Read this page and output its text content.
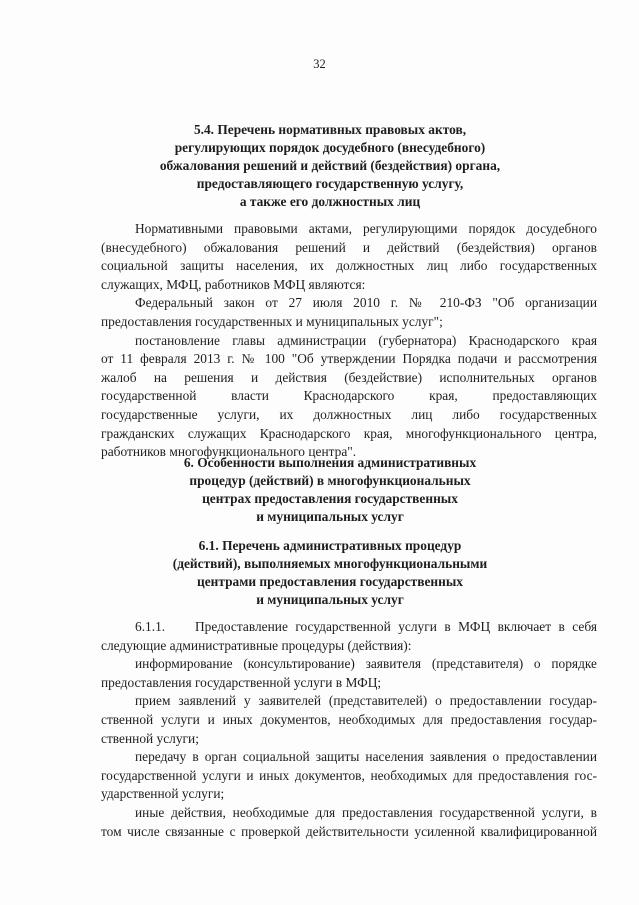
32
5.4. Перечень нормативных правовых актов,
регулирующих порядок досудебного (внесудебного)
обжалования решений и действий (бездействия) органа,
предоставляющего государственную услугу,
а также его должностных лиц

Нормативными правовыми актами, регулирующими порядок досудебного
(внесудебного) обжалования решений и действий (бездействия) органов
социальной защиты населения, их должностных лиц либо государственных
служащих, МФЦ, работников МФЦ являются:

Федеральный закон от 27 июля 2010 г. № 210-ФЗ "Об организации
предоставления государственных и муниципальных услуг";

постановление главы администрации (губернатора) Краснодарского края
от 11 февраля 2013 г. № 100 "Об утверждении Порядка подачи и рассмотрения
жалоб на решения и действия (бездействие) исполнительных органов
государственной власти Краснодарского края, предоставляющих
государственные услуги, их должностных лиц либо государственных
гражданских служащих Краснодарского края, многофункционального центра,
работников многофункционального центра".

6. Особенности выполнения административных
процедур (действий) в многофункциональных
центрах предоставления государственных
и муниципальных услуг
6.1. Перечень административных процедур
(действий), выполняемых многофункциональными
центрами предоставления государственных
и муниципальных услуг

6.1.1.    Предоставление государственной услуги в МФЦ включает в себя
следующие административные процедуры (действия):

информирование (консультирование) заявителя (представителя) о порядке
предоставления государственной услуги в МФЦ;

прием заявлений у заявителей (представителей) о предоставлении государ-
ственной услуги и иных документов, необходимых для предоставления государ-
ственной услуги;

передачу в орган социальной защиты населения заявления о предоставлении
государственной услуги и иных документов, необходимых для предоставления гос-
ударственной услуги;

иные действия, необходимые для предоставления государственной услуги, в
том числе связанные с проверкой действительности усиленной квалифицированной
